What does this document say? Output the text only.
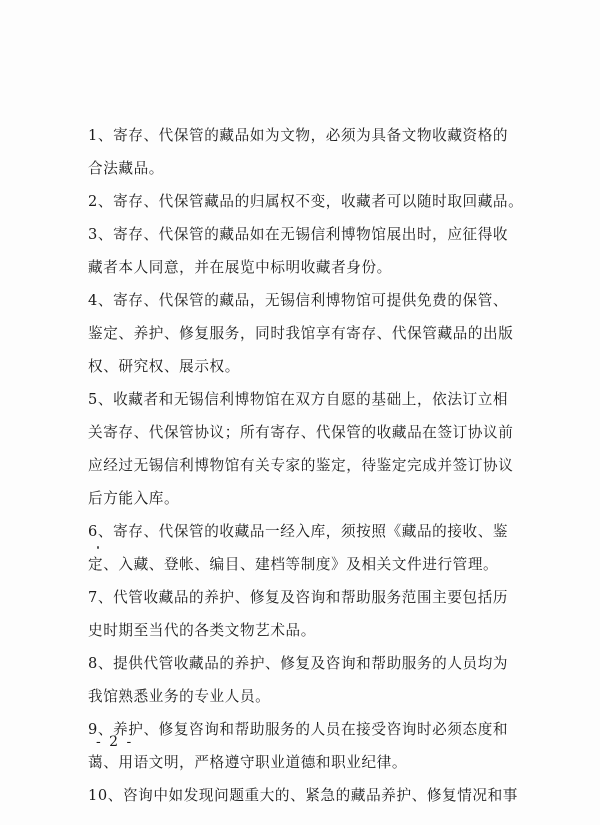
1、寄存、代保管的藏品如为文物，必须为具备文物收藏资格的
合法藏品。
2、寄存、代保管藏品的归属权不变，收藏者可以随时取回藏品。
3、寄存、代保管的藏品如在无锡信利博物馆展出时，应征得收
藏者本人同意，并在展览中标明收藏者身份。
4、寄存、代保管的藏品，无锡信利博物馆可提供免费的保管、
鉴定、养护、修复服务，同时我馆享有寄存、代保管藏品的出版
权、研究权、展示权。
5、收藏者和无锡信利博物馆在双方自愿的基础上，依法订立相
关寄存、代保管协议；所有寄存、代保管的收藏品在签订协议前
应经过无锡信利博物馆有关专家的鉴定，待鉴定完成并签订协议
后方能入库。
6、寄存、代保管的收藏品一经入库，须按照《藏品的接收、鉴
定、入藏、登帐、编目、建档等制度》及相关文件进行管理。
7、代管收藏品的养护、修复及咨询和帮助服务范围主要包括历
史时期至当代的各类文物艺术品。
8、提供代管收藏品的养护、修复及咨询和帮助服务的人员均为
我馆熟悉业务的专业人员。
9、养护、修复咨询和帮助服务的人员在接受咨询时必须态度和
蔼、用语文明，严格遵守职业道德和职业纪律。
10、咨询中如发现问题重大的、紧急的藏品养护、修复情况和事
- 2 -
